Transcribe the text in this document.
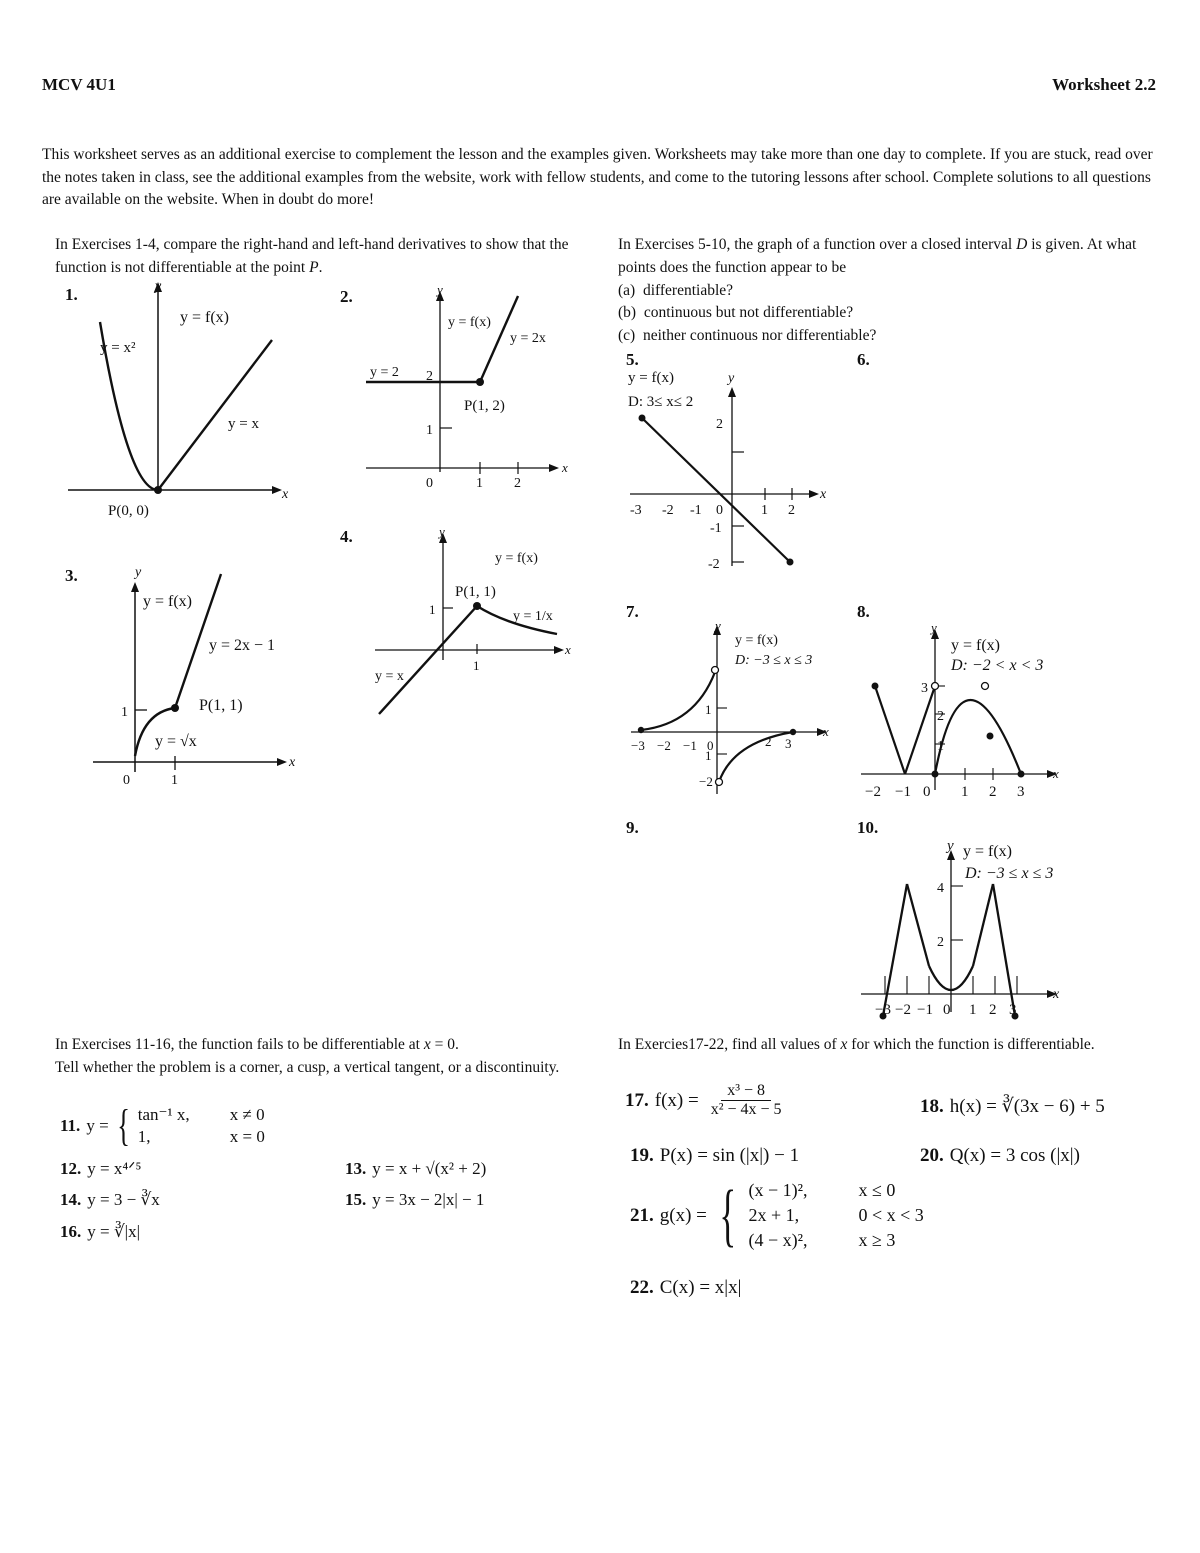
MCV 4U1	Worksheet 2.2
This worksheet serves as an additional exercise to complement the lesson and the examples given. Worksheets may take more than one day to complete. If you are stuck, read over the notes taken in class, see the additional examples from the website, work with fellow students, and come to the tutoring lessons after school. Complete solutions to all questions are available on the website. When in doubt do more!
In Exercises 1-4, compare the right-hand and left-hand derivatives to show that the function is not differentiable at the point P.
In Exercises 5-10, the graph of a function over a closed interval D is given. At what points does the function appear to be
(a) differentiable?
(b) continuous but not differentiable?
(c) neither continuous nor differentiable?
1.	2.
3.
4.
5.	6.
7.	8.
9.	10.
y
x
y = f(x)
y = x²
y = x
P(0, 0)
y
x
y = f(x)
y = 2x
y = 2
P(1, 2)
2
1
0	1 2
y
x
y = f(x)
y = 2x − 1
P(1, 1)
y = √x
1
0	1
y
x
y = f(x)
P(1, 1)
y = 1/x
y = x
1
1
y = f(x)
D: 3≤ x≤ 2
y
x
-3 -2 -1 0	1 2
2
-1
-2
y
x
y = f(x)
D: −3 ≤ x ≤ 3
−3 −2 −1 0	2 3
1
1
−2
y
x
y = f(x)
D: −2 < x < 3
−2 −1 0 1 2 3
3
2
1
y
x
y = f(x)
D: −3 ≤ x ≤ 3
4
2
−3 −2 −1 0 1 2 3
In Exercises 11-16, the function fails to be differentiable at x = 0.
Tell whether the problem is a corner, a cusp, a vertical tangent, or a discontinuity.
11. y = { tan⁻¹ x,	x ≠ 0
1,	x = 0
12. y = x⁴ᐟ⁵	13. y = x + √(x² + 2)
14. y = 3 − ∛x	15. y = 3x − 2|x| − 1
16. y = ∛|x|
In Exercies17-22, find all values of x for which the function is differentiable.
17. $f(x) = \frac{\text{x³ − 8}}{\text{x² − 4x − 5}}$	18. h(x) = ∛(3x − 6) + 5
19. P(x) = sin (|x|) − 1	20. Q(x) = 3 cos (|x|)
21. g(x) = { (x − 1)²,	x ≤ 0
2x + 1,	0 < x < 3
(4 − x)²,	x ≥ 3
22. C(x) = x|x|
